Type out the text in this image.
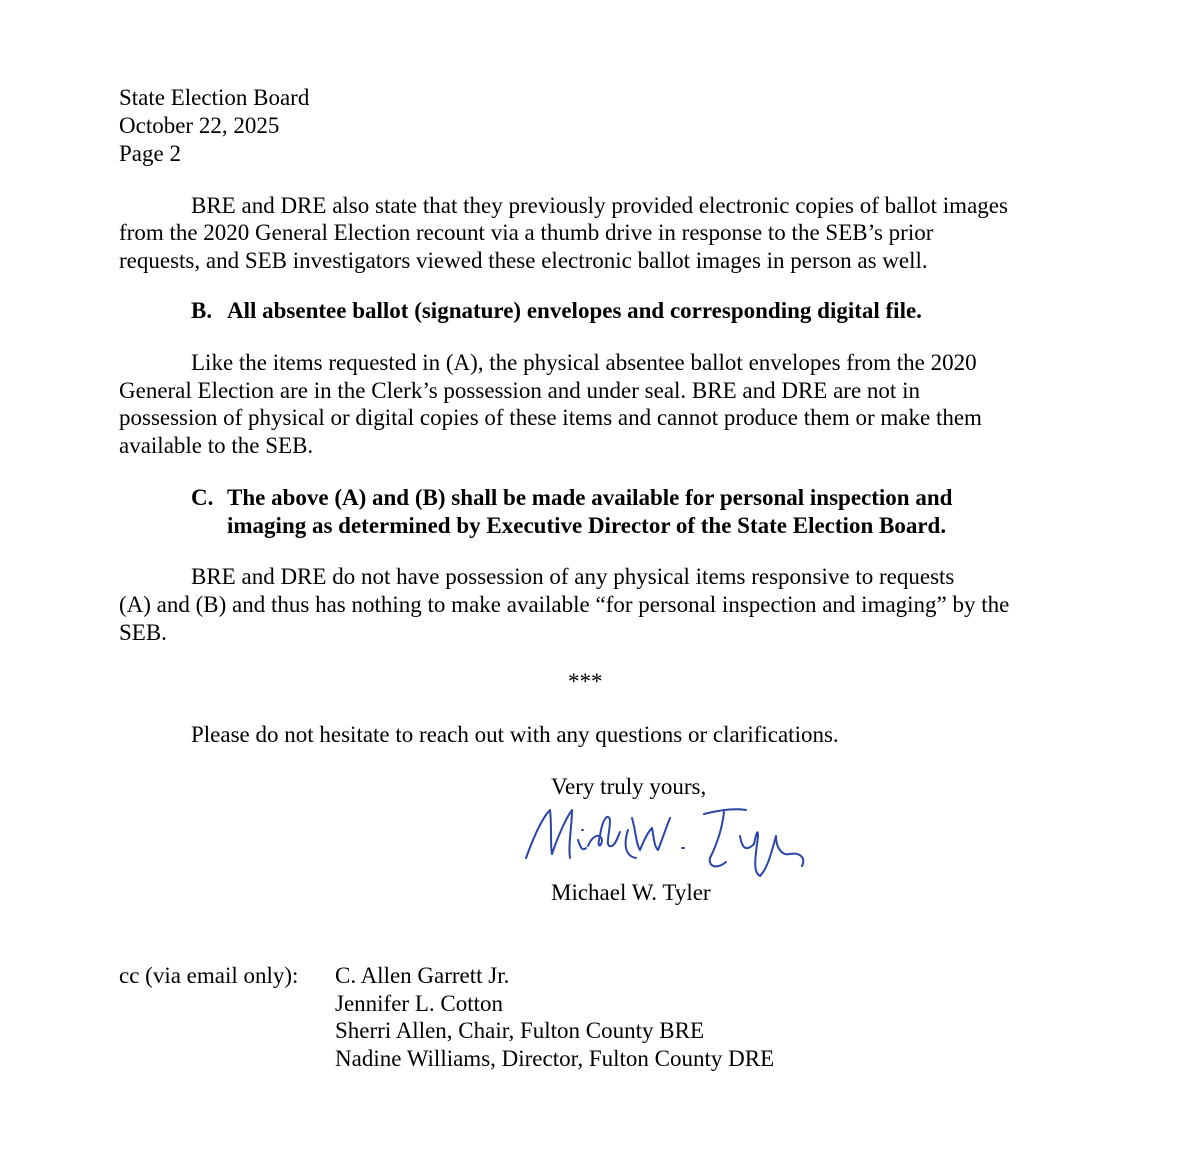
State Election Board
October 22, 2025
Page 2
BRE and DRE also state that they previously provided electronic copies of ballot images
from the 2020 General Election recount via a thumb drive in response to the SEB’s prior
requests, and SEB investigators viewed these electronic ballot images in person as well.
B. All absentee ballot (signature) envelopes and corresponding digital file.
Like the items requested in (A), the physical absentee ballot envelopes from the 2020
General Election are in the Clerk’s possession and under seal. BRE and DRE are not in
possession of physical or digital copies of these items and cannot produce them or make them
available to the SEB.
C. The above (A) and (B) shall be made available for personal inspection and
imaging as determined by Executive Director of the State Election Board.
BRE and DRE do not have possession of any physical items responsive to requests
(A) and (B) and thus has nothing to make available “for personal inspection and imaging” by the
SEB.
***
Please do not hesitate to reach out with any questions or clarifications.
Very truly yours,
Michael W. Tyler
cc (via email only): C. Allen Garrett Jr.
Jennifer L. Cotton
Sherri Allen, Chair, Fulton County BRE
Nadine Williams, Director, Fulton County DRE
